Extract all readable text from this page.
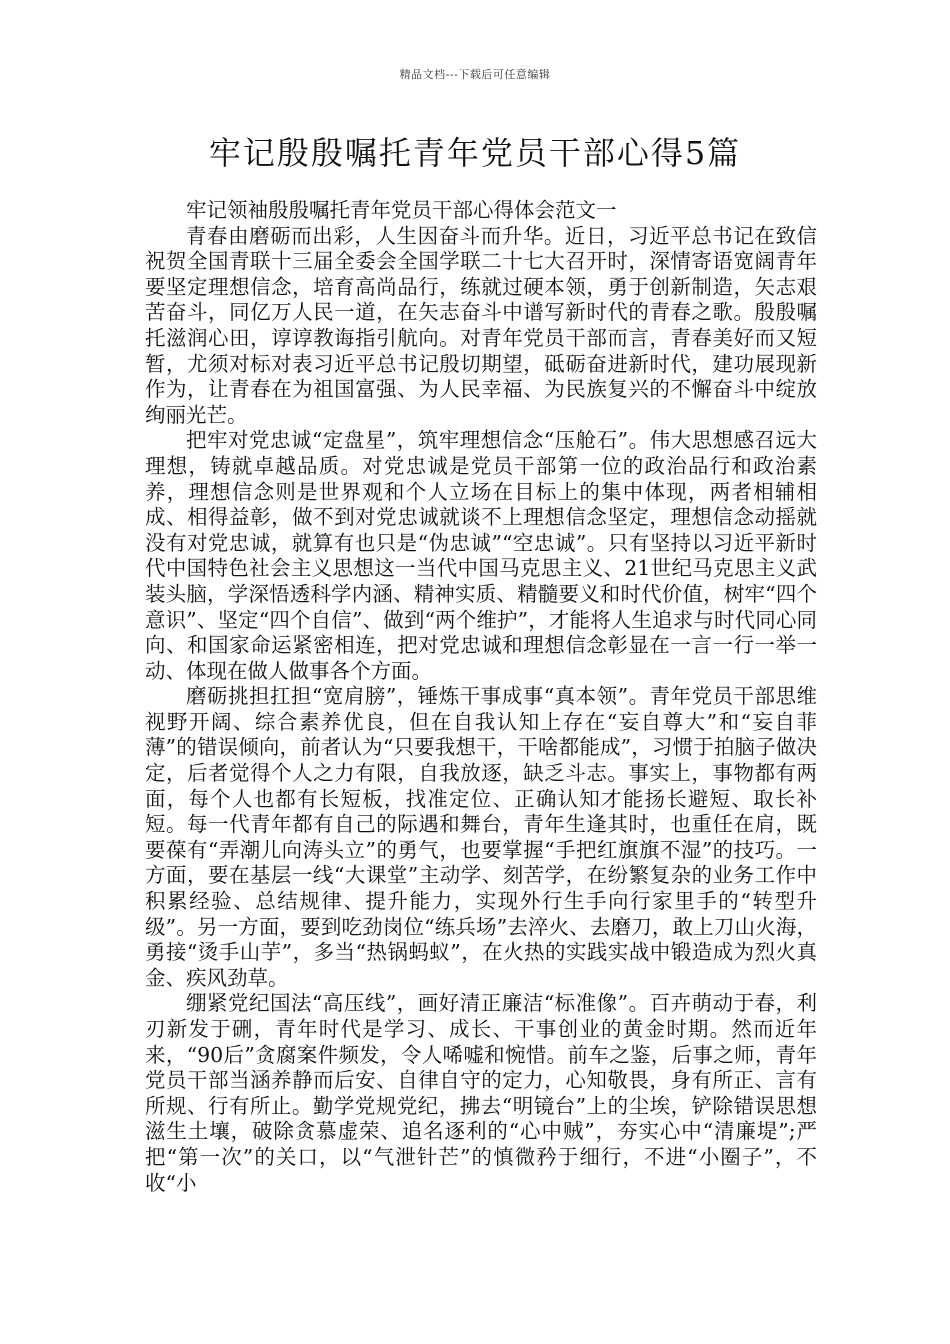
精品文档---下载后可任意编辑
牢记殷殷嘱托青年党员干部心得5篇

牢记领袖殷殷嘱托青年党员干部心得体会范文一

青春由磨砺而出彩，人生因奋斗而升华。近日，习近平总书记在致信祝贺全国青联十三届全委会全国学联二十七大召开时，深情寄语宽阔青年要坚定理想信念，培育高尚品行，练就过硬本领，勇于创新制造，矢志艰苦奋斗，同亿万人民一道，在矢志奋斗中谱写新时代的青春之歌。殷殷嘱托滋润心田，谆谆教诲指引航向。对青年党员干部而言，青春美好而又短暂，尤须对标对表习近平总书记殷切期望，砥砺奋进新时代，建功展现新作为，让青春在为祖国富强、为人民幸福、为民族复兴的不懈奋斗中绽放绚丽光芒。

把牢对党忠诚“定盘星”，筑牢理想信念“压舱石”。伟大思想感召远大理想，铸就卓越品质。对党忠诚是党员干部第一位的政治品行和政治素养，理想信念则是世界观和个人立场在目标上的集中体现，两者相辅相成、相得益彰，做不到对党忠诚就谈不上理想信念坚定，理想信念动摇就没有对党忠诚，就算有也只是“伪忠诚”“空忠诚”。只有坚持以习近平新时代中国特色社会主义思想这一当代中国马克思主义、21世纪马克思主义武装头脑，学深悟透科学内涵、精神实质、精髓要义和时代价值，树牢“四个意识”、坚定“四个自信”、做到“两个维护”，才能将人生追求与时代同心同向、和国家命运紧密相连，把对党忠诚和理想信念彰显在一言一行一举一动、体现在做人做事各个方面。

磨砺挑担扛担“宽肩膀”，锤炼干事成事“真本领”。青年党员干部思维视野开阔、综合素养优良，但在自我认知上存在“妄自尊大”和“妄自菲薄”的错误倾向，前者认为“只要我想干，干啥都能成”，习惯于拍脑子做决定，后者觉得个人之力有限，自我放逐，缺乏斗志。事实上，事物都有两面，每个人也都有长短板，找准定位、正确认知才能扬长避短、取长补短。每一代青年都有自己的际遇和舞台，青年生逢其时，也重任在肩，既要葆有“弄潮儿向涛头立”的勇气，也要掌握“手把红旗旗不湿”的技巧。一方面，要在基层一线“大课堂”主动学、刻苦学，在纷繁复杂的业务工作中积累经验、总结规律、提升能力，实现外行生手向行家里手的“转型升级”。另一方面，要到吃劲岗位“练兵场”去淬火、去磨刀，敢上刀山火海，勇接“烫手山芋”，多当“热锅蚂蚁”，在火热的实践实战中锻造成为烈火真金、疾风劲草。

绷紧党纪国法“高压线”，画好清正廉洁“标准像”。百卉萌动于春，利刃新发于硎，青年时代是学习、成长、干事创业的黄金时期。然而近年来，“90后”贪腐案件频发，令人唏嘘和惋惜。前车之鉴，后事之师，青年党员干部当涵养静而后安、自律自守的定力，心知敬畏，身有所正、言有所规、行有所止。勤学党规党纪，拂去“明镜台”上的尘埃，铲除错误思想滋生土壤，破除贪慕虚荣、追名逐利的“心中贼”，夯实心中“清廉堤”;严把“第一次”的关口，以“气泄针芒”的慎微矜于细行，不进“小圈子”，不收“小
